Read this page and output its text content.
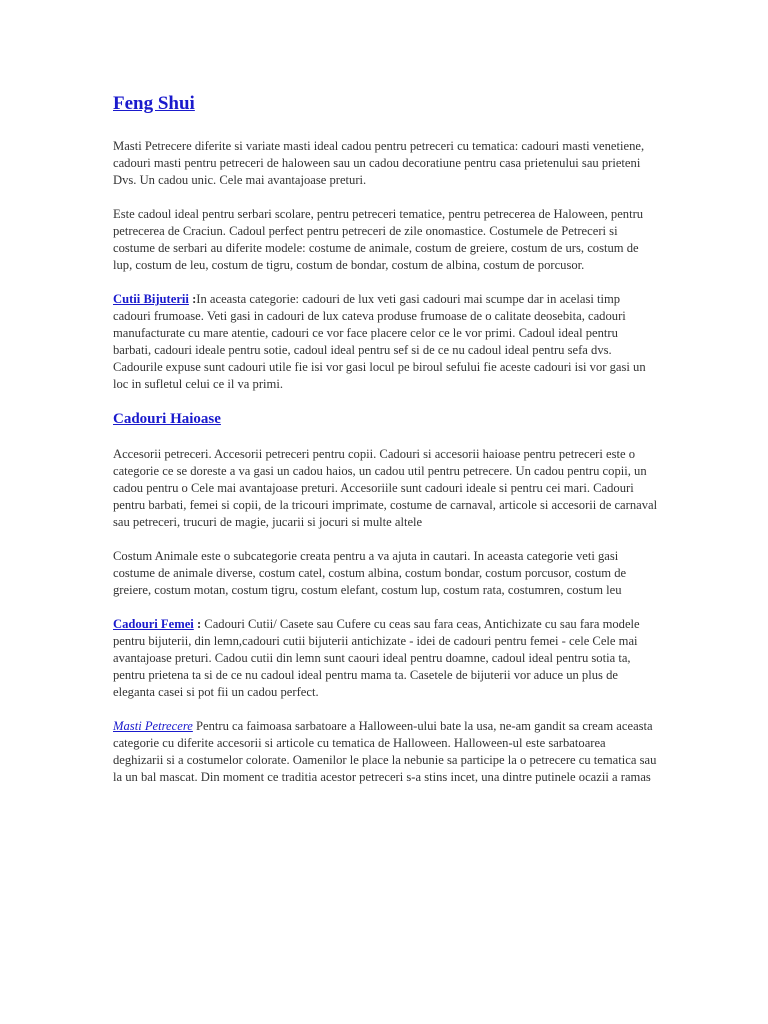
Feng Shui

Masti Petrecere diferite si variate masti ideal cadou pentru petreceri cu tematica: cadouri masti venetiene, cadouri masti pentru petreceri de haloween sau un cadou decoratiune pentru casa prietenului sau prieteni Dvs. Un cadou unic. Cele mai avantajoase preturi.

Este cadoul ideal pentru serbari scolare, pentru petreceri tematice, pentru petrecerea de Haloween, pentru petrecerea de Craciun. Cadoul perfect pentru petreceri de zile onomastice. Costumele de Petreceri si costume de serbari au diferite modele: costume de animale, costum de greiere, costum de urs, costum de lup, costum de leu, costum de tigru, costum de bondar, costum de albina, costum de porcusor.

Cutii Bijuterii :In aceasta categorie: cadouri de lux veti gasi cadouri mai scumpe dar in acelasi timp cadouri frumoase. Veti gasi in cadouri de lux cateva produse frumoase de o calitate deosebita, cadouri manufacturate cu mare atentie, cadouri ce vor face placere celor ce le vor primi. Cadoul ideal pentru barbati, cadouri ideale pentru sotie, cadoul ideal pentru sef si de ce nu cadoul ideal pentru sefa dvs. Cadourile expuse sunt cadouri utile fie isi vor gasi locul pe biroul sefului fie aceste cadouri isi vor gasi un loc in sufletul celui ce il va primi.

Cadouri Haioase

Accesorii petreceri. Accesorii petreceri pentru copii. Cadouri si accesorii haioase pentru petreceri este o categorie ce se doreste a va gasi un cadou haios, un cadou util pentru petrecere. Un cadou pentru copii, un cadou pentru o Cele mai avantajoase preturi. Accesoriile sunt cadouri ideale si pentru cei mari. Cadouri pentru barbati, femei si copii, de la tricouri imprimate, costume de carnaval, articole si accesorii de carnaval sau petreceri, trucuri de magie, jucarii si jocuri si multe altele

Costum Animale este o subcategorie creata pentru a va ajuta in cautari. In aceasta categorie veti gasi costume de animale diverse, costum catel, costum albina, costum bondar, costum porcusor, costum de greiere, costum motan, costum tigru, costum elefant, costum lup, costum rata, costumren, costum leu

Cadouri Femei : Cadouri Cutii/ Casete sau Cufere cu ceas sau fara ceas, Antichizate cu sau fara modele pentru bijuterii, din lemn,cadouri cutii bijuterii antichizate - idei de cadouri pentru femei - cele Cele mai avantajoase preturi. Cadou cutii din lemn sunt caouri ideal pentru doamne, cadoul ideal pentru sotia ta, pentru prietena ta si de ce nu cadoul ideal pentru mama ta. Casetele de bijuterii vor aduce un plus de eleganta casei si pot fii un cadou perfect.

Masti Petrecere Pentru ca faimoasa sarbatoare a Halloween-ului bate la usa, ne-am gandit sa cream aceasta categorie cu diferite accesorii si articole cu tematica de Halloween. Halloween-ul este sarbatoarea deghizarii si a costumelor colorate. Oamenilor le place la nebunie sa participe la o petrecere cu tematica sau la un bal mascat. Din moment ce traditia acestor petreceri s-a stins incet, una dintre putinele ocazii a ramas
